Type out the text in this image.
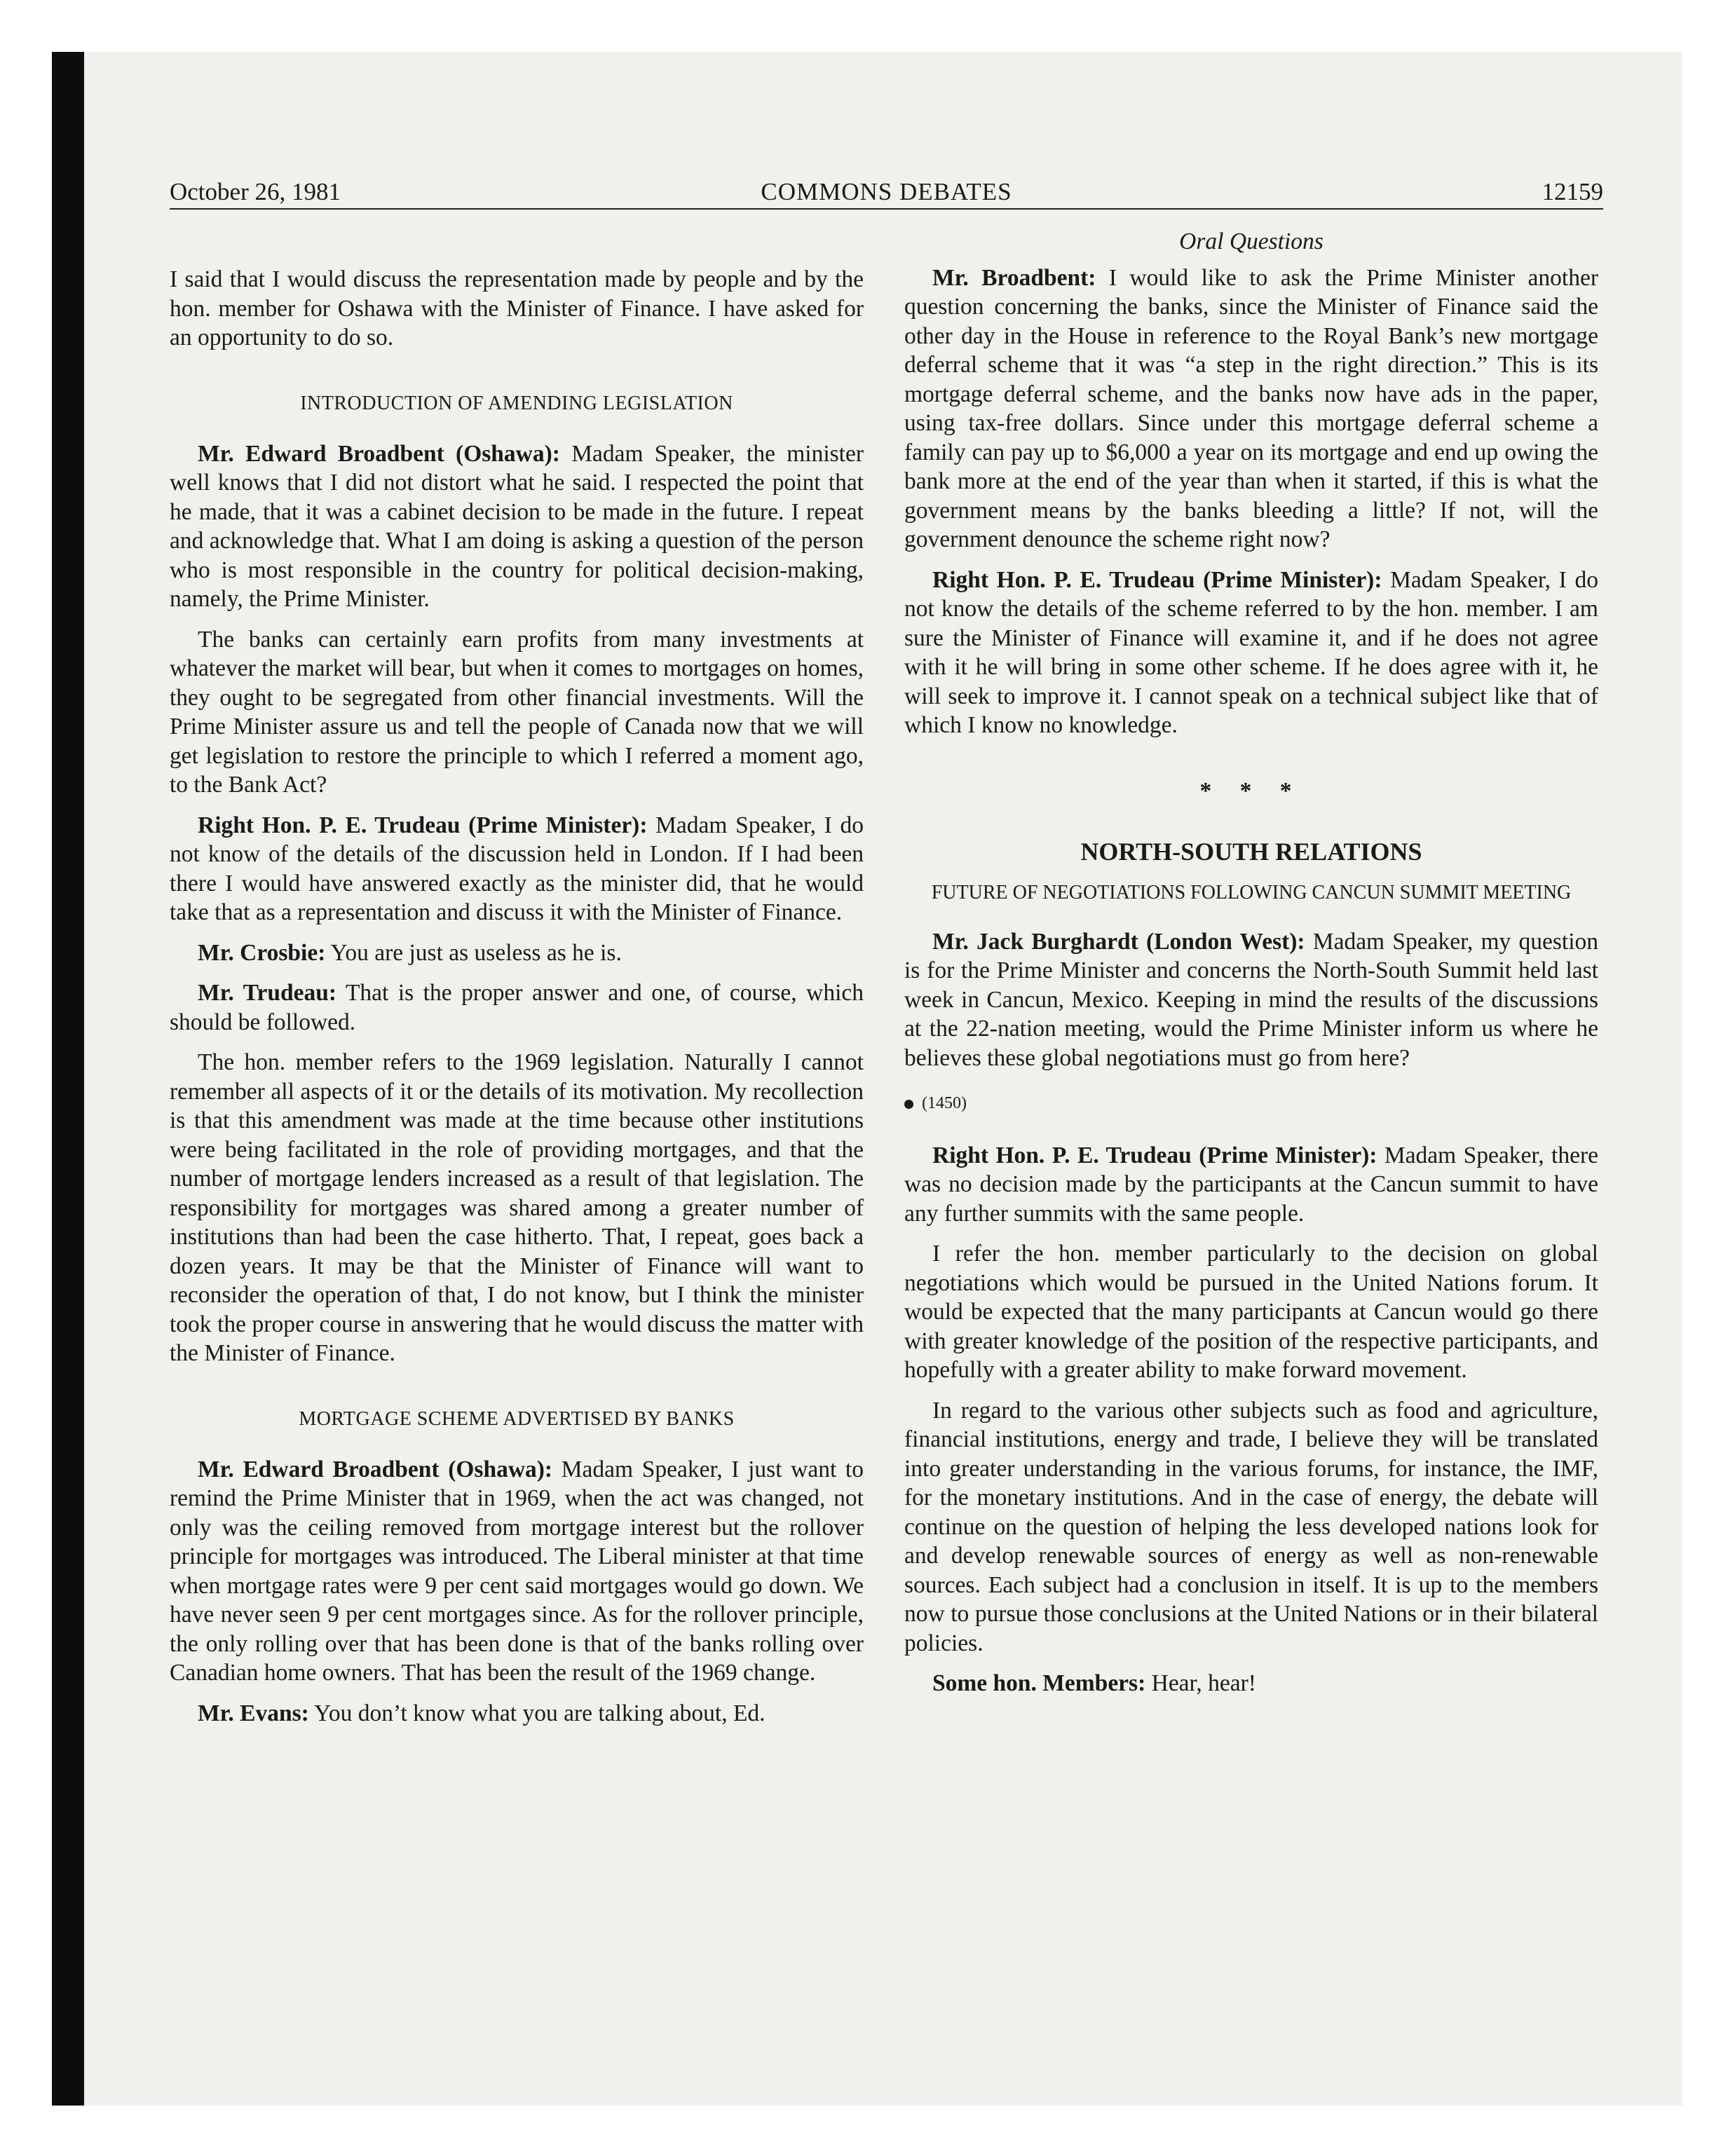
October 26, 1981	COMMONS DEBATES	12159

I said that I would discuss the representation made by people and by the hon. member for Oshawa with the Minister of Finance. I have asked for an opportunity to do so.

INTRODUCTION OF AMENDING LEGISLATION

Mr. Edward Broadbent (Oshawa): Madam Speaker, the minister well knows that I did not distort what he said. I respected the point that he made, that it was a cabinet decision to be made in the future. I repeat and acknowledge that. What I am doing is asking a question of the person who is most responsible in the country for political decision-making, namely, the Prime Minister.

The banks can certainly earn profits from many investments at whatever the market will bear, but when it comes to mortgages on homes, they ought to be segregated from other financial investments. Will the Prime Minister assure us and tell the people of Canada now that we will get legislation to restore the principle to which I referred a moment ago, to the Bank Act?

Right Hon. P. E. Trudeau (Prime Minister): Madam Speaker, I do not know of the details of the discussion held in London. If I had been there I would have answered exactly as the minister did, that he would take that as a representation and discuss it with the Minister of Finance.

Mr. Crosbie: You are just as useless as he is.

Mr. Trudeau: That is the proper answer and one, of course, which should be followed.

The hon. member refers to the 1969 legislation. Naturally I cannot remember all aspects of it or the details of its motivation. My recollection is that this amendment was made at the time because other institutions were being facilitated in the role of providing mortgages, and that the number of mortgage lenders increased as a result of that legislation. The responsibility for mortgages was shared among a greater number of institutions than had been the case hitherto. That, I repeat, goes back a dozen years. It may be that the Minister of Finance will want to reconsider the operation of that, I do not know, but I think the minister took the proper course in answering that he would discuss the matter with the Minister of Finance.

MORTGAGE SCHEME ADVERTISED BY BANKS

Mr. Edward Broadbent (Oshawa): Madam Speaker, I just want to remind the Prime Minister that in 1969, when the act was changed, not only was the ceiling removed from mortgage interest but the rollover principle for mortgages was introduced. The Liberal minister at that time when mortgage rates were 9 per cent said mortgages would go down. We have never seen 9 per cent mortgages since. As for the rollover principle, the only rolling over that has been done is that of the banks rolling over Canadian home owners. That has been the result of the 1969 change.

Mr. Evans: You don’t know what you are talking about, Ed.

Oral Questions

Mr. Broadbent: I would like to ask the Prime Minister another question concerning the banks, since the Minister of Finance said the other day in the House in reference to the Royal Bank’s new mortgage deferral scheme that it was “a step in the right direction.” This is its mortgage deferral scheme, and the banks now have ads in the paper, using tax-free dollars. Since under this mortgage deferral scheme a family can pay up to $6,000 a year on its mortgage and end up owing the bank more at the end of the year than when it started, if this is what the government means by the banks bleeding a little? If not, will the government denounce the scheme right now?

Right Hon. P. E. Trudeau (Prime Minister): Madam Speaker, I do not know the details of the scheme referred to by the hon. member. I am sure the Minister of Finance will examine it, and if he does not agree with it he will bring in some other scheme. If he does agree with it, he will seek to improve it. I cannot speak on a technical subject like that of which I know no knowledge.

* * *
NORTH-SOUTH RELATIONS
FUTURE OF NEGOTIATIONS FOLLOWING CANCUN SUMMIT MEETING

Mr. Jack Burghardt (London West): Madam Speaker, my question is for the Prime Minister and concerns the North-South Summit held last week in Cancun, Mexico. Keeping in mind the results of the discussions at the 22-nation meeting, would the Prime Minister inform us where he believes these global negotiations must go from here?

(1450)

Right Hon. P. E. Trudeau (Prime Minister): Madam Speaker, there was no decision made by the participants at the Cancun summit to have any further summits with the same people.

I refer the hon. member particularly to the decision on global negotiations which would be pursued in the United Nations forum. It would be expected that the many participants at Cancun would go there with greater knowledge of the position of the respective participants, and hopefully with a greater ability to make forward movement.

In regard to the various other subjects such as food and agriculture, financial institutions, energy and trade, I believe they will be translated into greater understanding in the various forums, for instance, the IMF, for the monetary institutions. And in the case of energy, the debate will continue on the question of helping the less developed nations look for and develop renewable sources of energy as well as non-renewable sources. Each subject had a conclusion in itself. It is up to the members now to pursue those conclusions at the United Nations or in their bilateral policies.

Some hon. Members: Hear, hear!
